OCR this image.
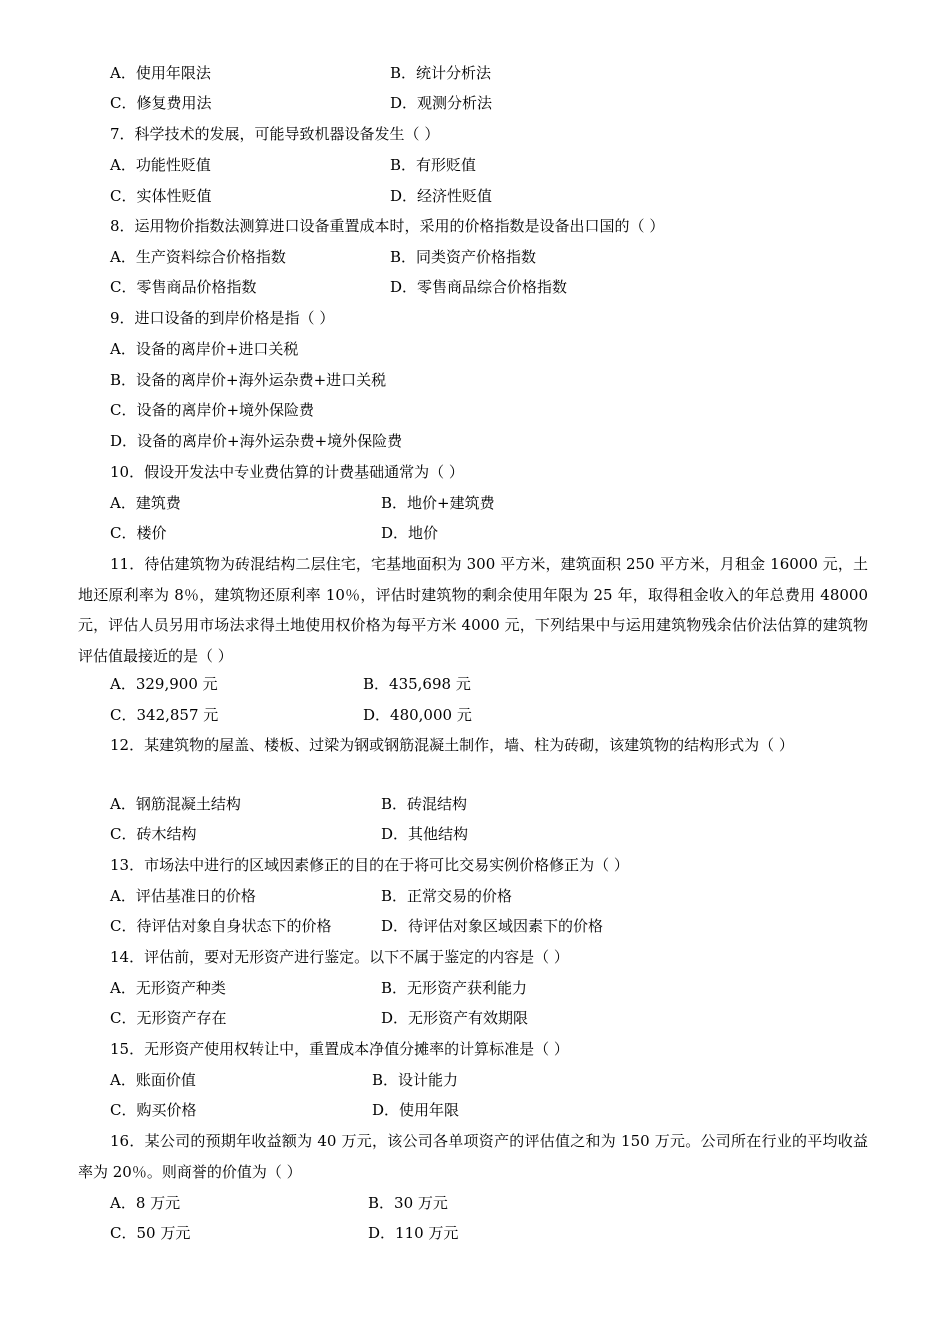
A．使用年限法	B．统计分析法
C．修复费用法	D．观测分析法
7．科学技术的发展，可能导致机器设备发生（ ）
A．功能性贬值	B．有形贬值
C．实体性贬值	D．经济性贬值
8．运用物价指数法测算进口设备重置成本时，采用的价格指数是设备出口国的（ ）
A．生产资料综合价格指数	B．同类资产价格指数
C．零售商品价格指数	D．零售商品综合价格指数
9．进口设备的到岸价格是指（ ）
A．设备的离岸价+进口关税
B．设备的离岸价+海外运杂费+进口关税
C．设备的离岸价+境外保险费
D．设备的离岸价+海外运杂费+境外保险费
10．假设开发法中专业费估算的计费基础通常为（ ）
A．建筑费	B．地价+建筑费
C．楼价	D．地价
11．待估建筑物为砖混结构二层住宅，宅基地面积为 300 平方米，建筑面积 250 平方米，月租金 16000 元，土地还原利率为 8％，建筑物还原利率 10％，评估时建筑物的剩余使用年限为 25 年，取得租金收入的年总费用 48000 元，评估人员另用市场法求得土地使用权价格为每平方米 4000 元，下列结果中与运用建筑物残余估价法估算的建筑物评估值最接近的是（ ）
A．329,900 元	B．435,698 元
C．342,857 元	D．480,000 元
12．某建筑物的屋盖、楼板、过梁为钢或钢筋混凝土制作，墙、柱为砖砌，该建筑物的结构形式为（ ）
A．钢筋混凝土结构	B．砖混结构
C．砖木结构	D．其他结构
13．市场法中进行的区域因素修正的目的在于将可比交易实例价格修正为（ ）
A．评估基准日的价格	B．正常交易的价格
C．待评估对象自身状态下的价格	D．待评估对象区域因素下的价格
14．评估前，要对无形资产进行鉴定。以下不属于鉴定的内容是（ ）
A．无形资产种类	B．无形资产获利能力
C．无形资产存在	D．无形资产有效期限
15．无形资产使用权转让中，重置成本净值分摊率的计算标准是（ ）
A．账面价值	B．设计能力
C．购买价格	D．使用年限
16．某公司的预期年收益额为 40 万元，该公司各单项资产的评估值之和为 150 万元。公司所在行业的平均收益率为 20％。则商誉的价值为（ ）
A．8 万元	B．30 万元
C．50 万元	D．110 万元
